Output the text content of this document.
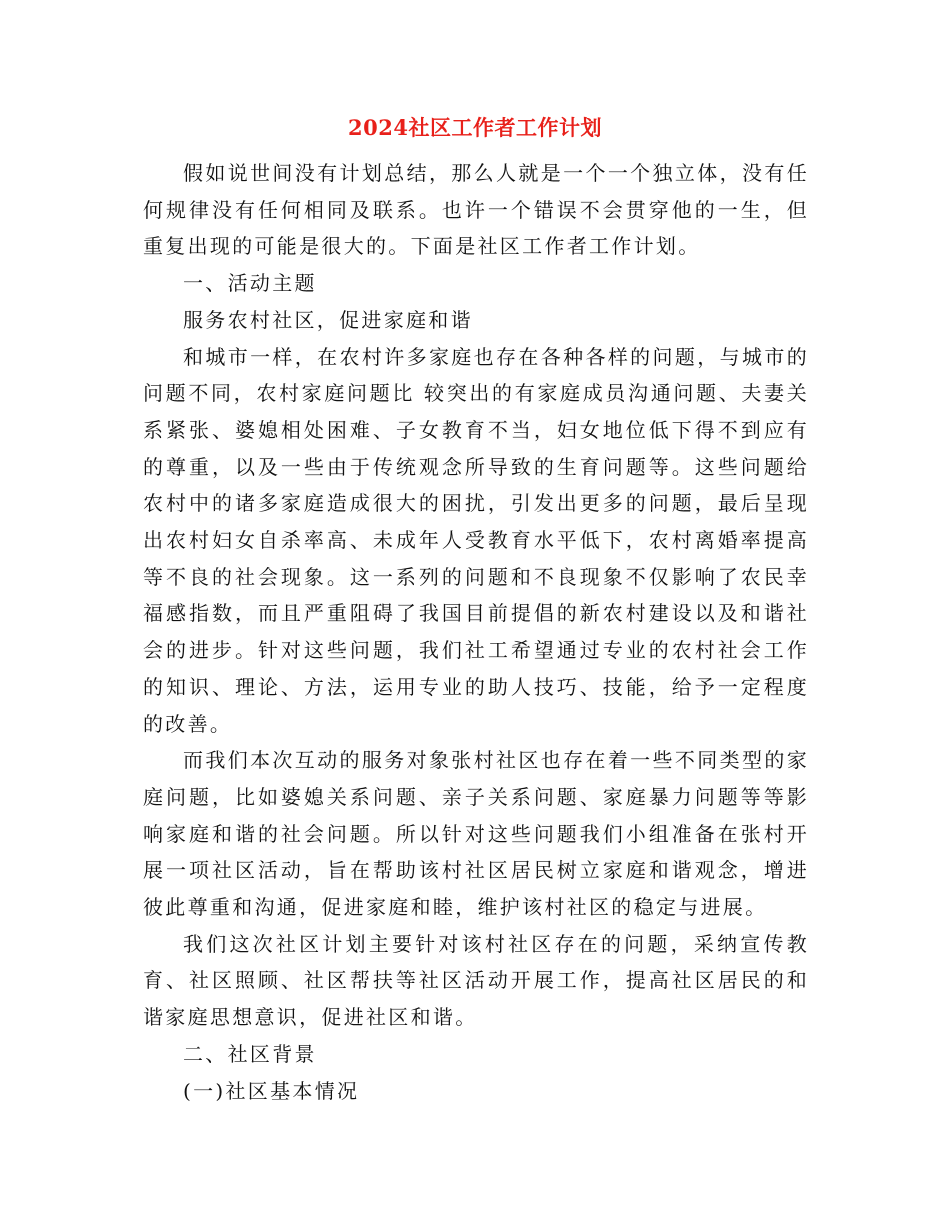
2024社区工作者工作计划

假如说世间没有计划总结，那么人就是一个一个独立体，没有任何规律没有任何相同及联系。也许一个错误不会贯穿他的一生，但重复出现的可能是很大的。下面是社区工作者工作计划。

一、活动主题

服务农村社区，促进家庭和谐

和城市一样，在农村许多家庭也存在各种各样的问题，与城市的问题不同，农村家庭问题比 较突出的有家庭成员沟通问题、夫妻关系紧张、婆媳相处困难、子女教育不当，妇女地位低下得不到应有的尊重，以及一些由于传统观念所导致的生育问题等。这些问题给农村中的诸多家庭造成很大的困扰，引发出更多的问题，最后呈现出农村妇女自杀率高、未成年人受教育水平低下，农村离婚率提高等不良的社会现象。这一系列的问题和不良现象不仅影响了农民幸福感指数，而且严重阻碍了我国目前提倡的新农村建设以及和谐社会的进步。针对这些问题，我们社工希望通过专业的农村社会工作的知识、理论、方法，运用专业的助人技巧、技能，给予一定程度的改善。

而我们本次互动的服务对象张村社区也存在着一些不同类型的家庭问题，比如婆媳关系问题、亲子关系问题、家庭暴力问题等等影响家庭和谐的社会问题。所以针对这些问题我们小组准备在张村开展一项社区活动，旨在帮助该村社区居民树立家庭和谐观念，增进彼此尊重和沟通，促进家庭和睦，维护该村社区的稳定与进展。

我们这次社区计划主要针对该村社区存在的问题，采纳宣传教育、社区照顾、社区帮扶等社区活动开展工作，提高社区居民的和谐家庭思想意识，促进社区和谐。

二、社区背景

(一)社区基本情况
